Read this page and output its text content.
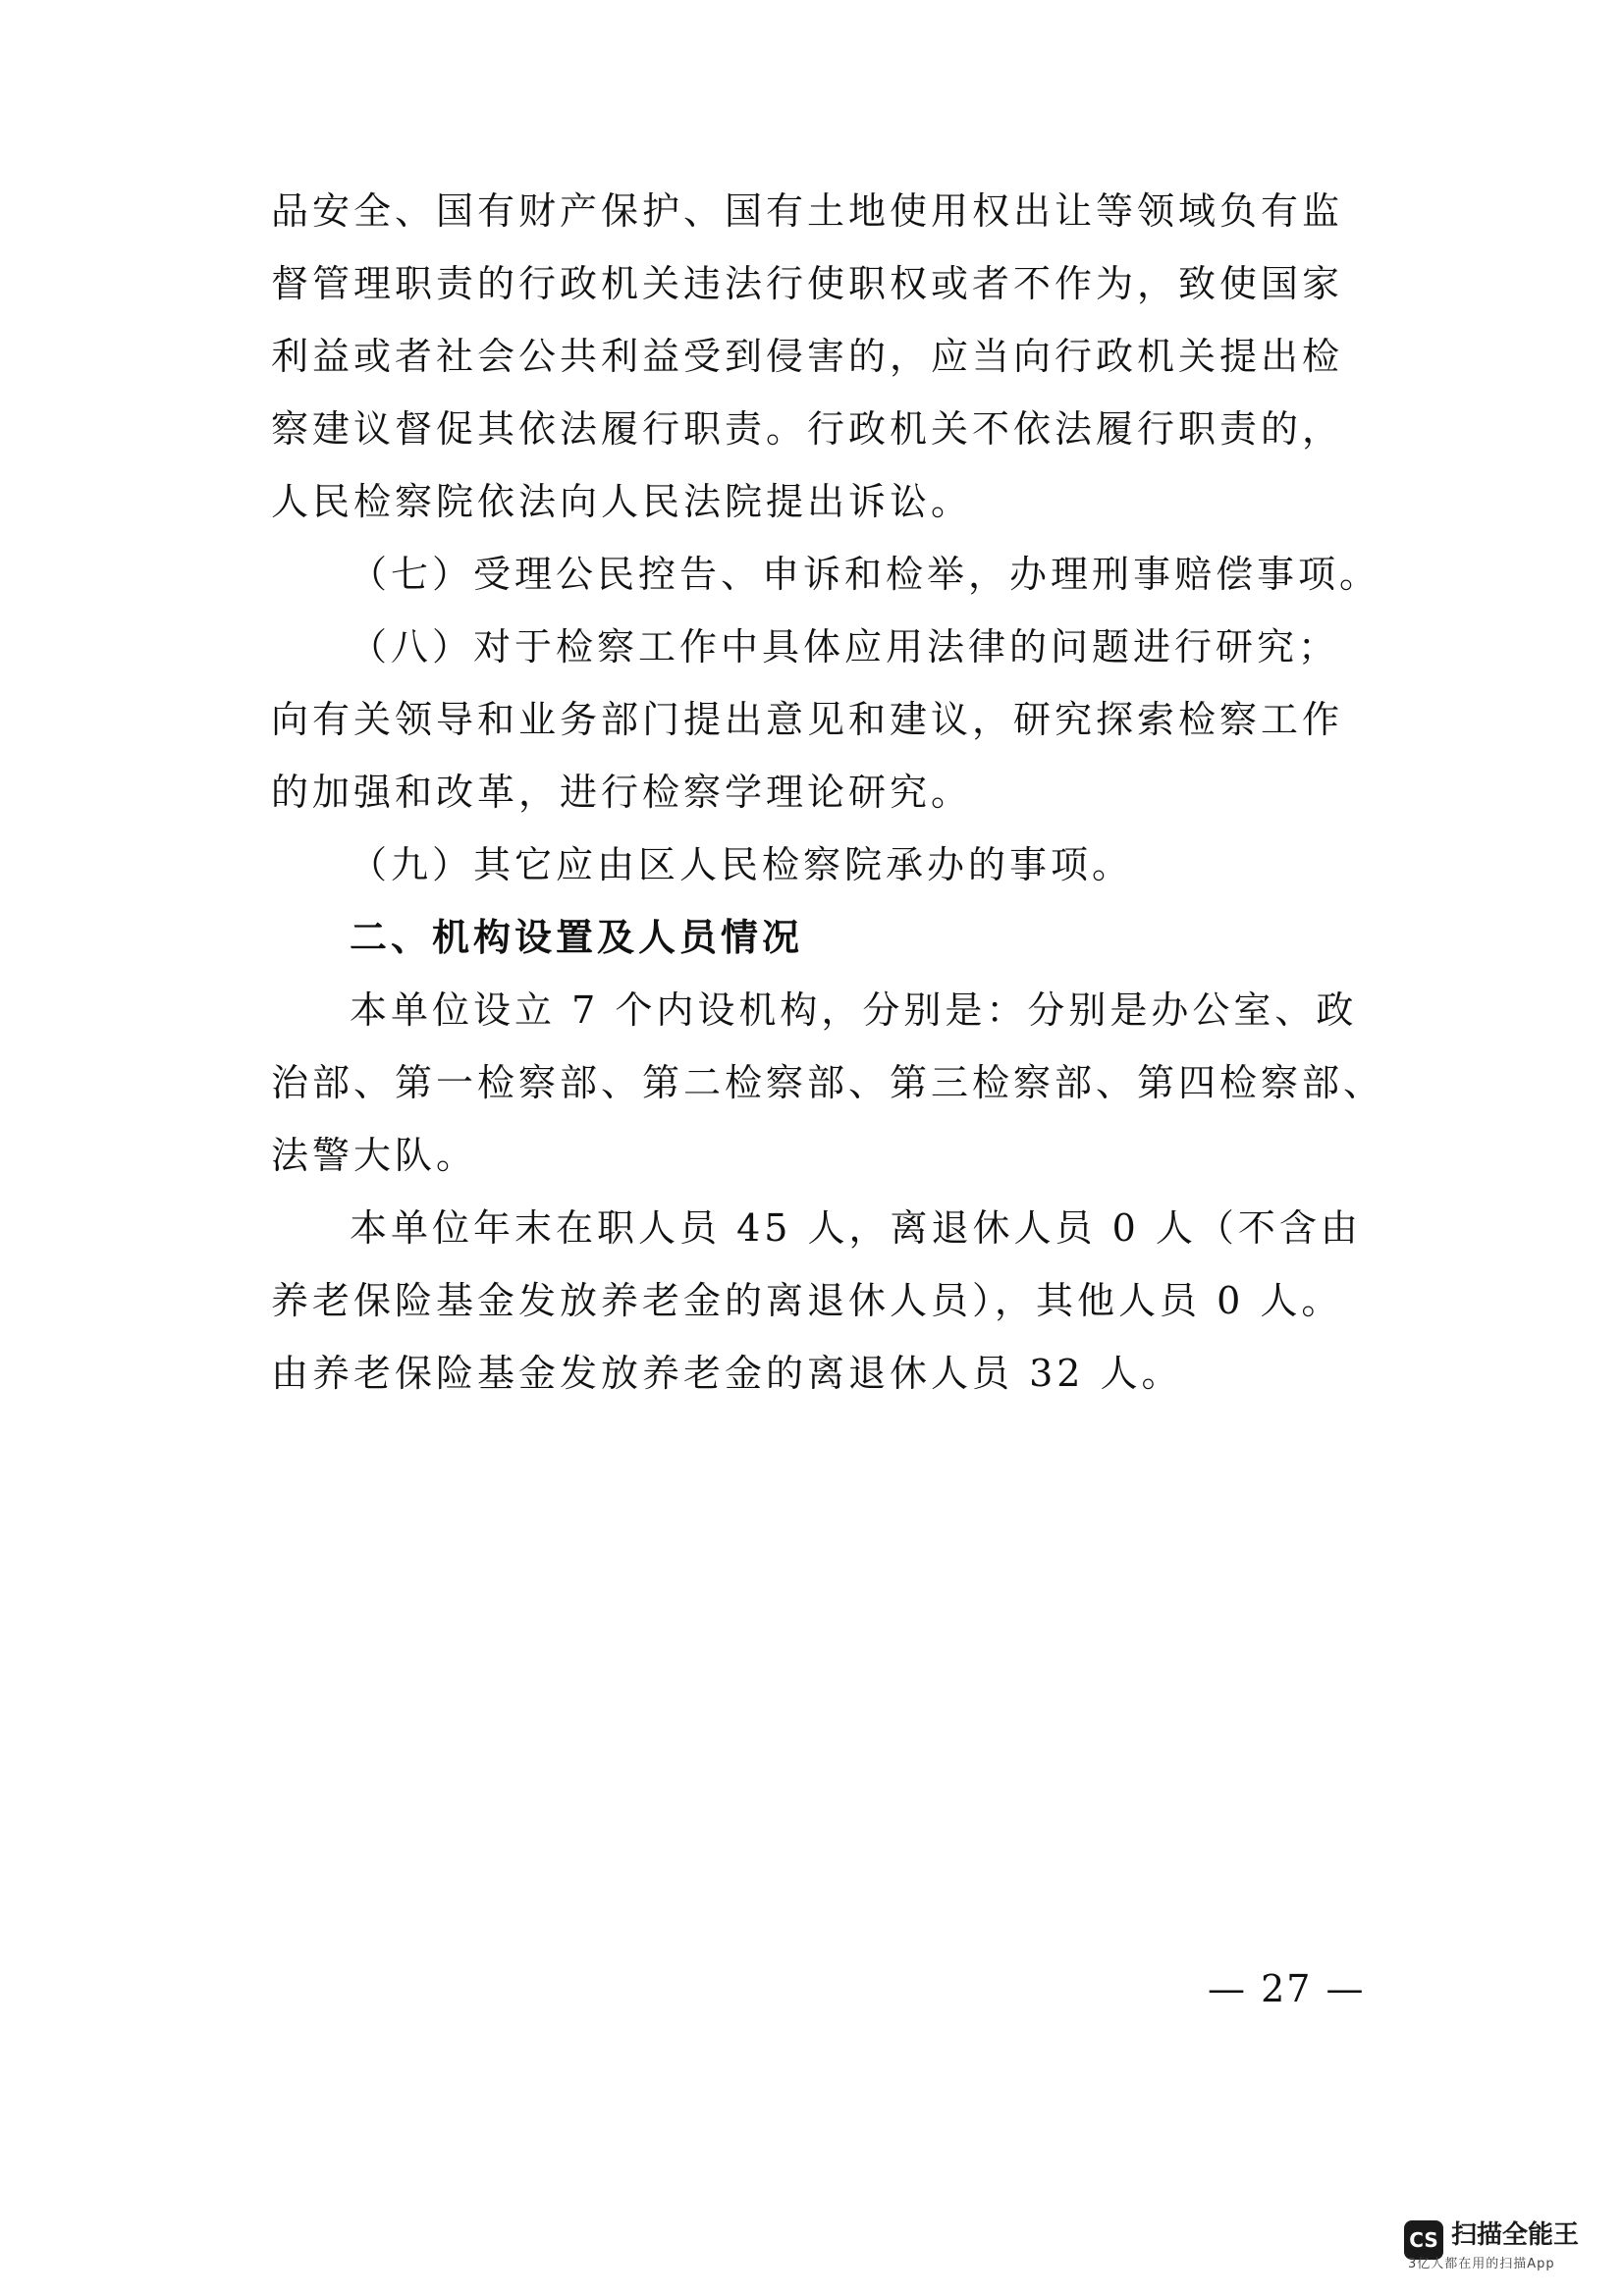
品安全、国有财产保护、国有土地使用权出让等领域负有监
督管理职责的行政机关违法行使职权或者不作为，致使国家
利益或者社会公共利益受到侵害的，应当向行政机关提出检
察建议督促其依法履行职责。行政机关不依法履行职责的，
人民检察院依法向人民法院提出诉讼。
（七）受理公民控告、申诉和检举，办理刑事赔偿事项。
（八）对于检察工作中具体应用法律的问题进行研究；
向有关领导和业务部门提出意见和建议，研究探索检察工作
的加强和改革，进行检察学理论研究。
（九）其它应由区人民检察院承办的事项。
二、机构设置及人员情况
本单位设立 7 个内设机构，分别是：分别是办公室、政
治部、第一检察部、第二检察部、第三检察部、第四检察部、
法警大队。
本单位年末在职人员 45 人，离退休人员 0 人（不含由
养老保险基金发放养老金的离退休人员），其他人员 0 人。
由养老保险基金发放养老金的离退休人员 32 人。
— 27 —
CS 扫描全能王
3亿人都在用的扫描App
